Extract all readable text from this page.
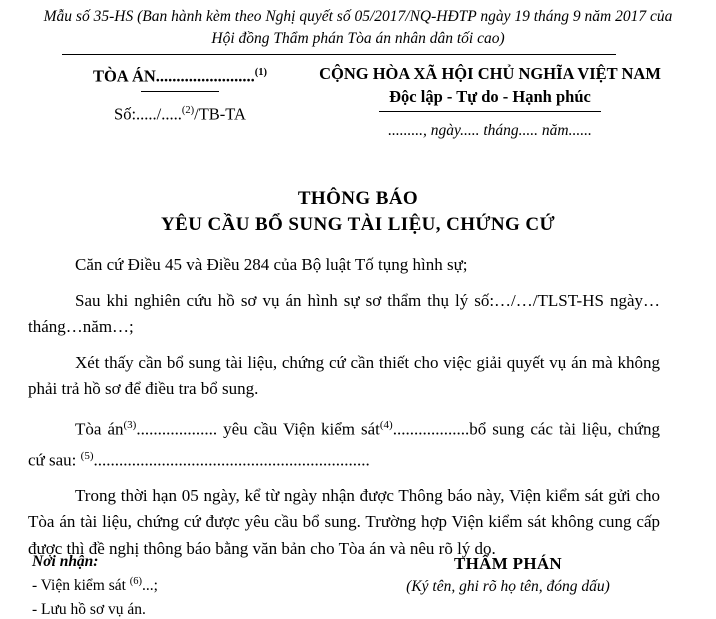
Mẫu số 35-HS (Ban hành kèm theo Nghị quyết số 05/2017/NQ-HĐTP ngày 19 tháng 9 năm 2017 của
Hội đồng Thẩm phán Tòa án nhân dân tối cao)
TÒA ÁN........................$^{(1)}$
Số:...../.....$^{(2)}$/TB-TA
CỘNG HÒA XÃ HỘI CHỦ NGHĨA VIỆT NAM
Độc lập - Tự do - Hạnh phúc
........., ngày..... tháng..... năm......
THÔNG BÁO
YÊU CẦU BỔ SUNG TÀI LIỆU, CHỨNG CỨ

Căn cứ Điều 45 và Điều 284 của Bộ luật Tố tụng hình sự;

Sau khi nghiên cứu hồ sơ vụ án hình sự sơ thẩm thụ lý số:…/…/TLST-HS ngày…tháng…năm…;

Xét thấy cần bổ sung tài liệu, chứng cứ cần thiết cho việc giải quyết vụ án mà không phải trả hồ sơ để điều tra bổ sung.

Tòa $án^{(3)}$................... yêu cầu Viện kiểm sát$^{(4)}$..................bổ sung các tài liệu, chứng cứ sau: $^{(5)}$.................................................................

Trong thời hạn 05 ngày, kể từ ngày nhận được Thông báo này, Viện kiểm sát gửi cho Tòa án tài liệu, chứng cứ được yêu cầu bổ sung. Trường hợp Viện kiểm sát không cung cấp được thì đề nghị thông báo bằng văn bản cho Tòa án và nêu rõ lý do.

Nơi nhận:
- Viện kiểm sát $^{(6)}$...;
- Lưu hồ sơ vụ án.
THẨM PHÁN
(Ký tên, ghi rõ họ tên, đóng dấu)
